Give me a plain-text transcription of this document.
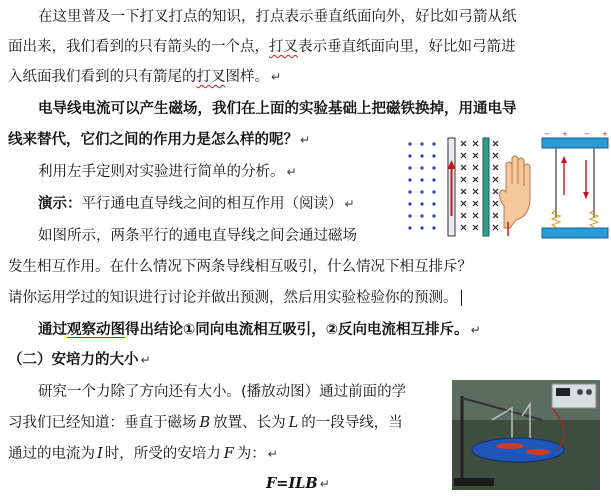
在这里普及一下打叉打点的知识，打点表示垂直纸面向外，好比如弓箭从纸
面出来，我们看到的只有箭头的一个点，打叉表示垂直纸面向里，好比如弓箭进
入纸面我们看到的只有箭尾的打叉图样。 ↵
电导线电流可以产生磁场，我们在上面的实验基础上把磁铁换掉，用通电导
线来替代，它们之间的作用力是怎么样的呢？ ↵
利用左手定则对实验进行简单的分析。 ↵
演示：平行通电直导线之间的相互作用（阅读） ↵
如图所示，两条平行的通电直导线之间会通过磁场
发生相互作用。在什么情况下两条导线相互吸引，什么情况下相互排斥？
请你运用学过的知识进行讨论并做出预测，然后用实验检验你的预测。
通过观察动图得出结论①同向电流相互吸引，②反向电流相互排斥。 ↵
（二）安培力的大小 ↵
研究一个力除了方向还有大小。(播放动图）通过前面的学
习我们已经知道：垂直于磁场 B 放置、长为 L 的一段导线，当
通过的电流为 I 时，所受的安培力 F 为： ↵
F=ILB ↵
− + − +
